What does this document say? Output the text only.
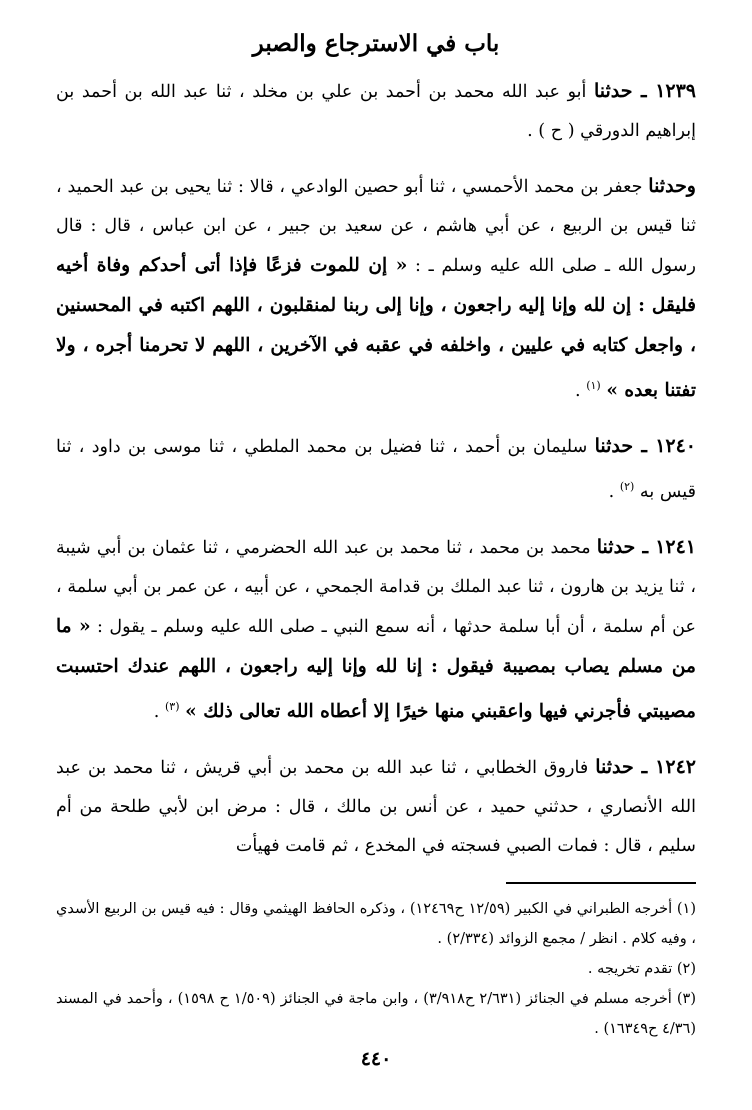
باب في الاسترجاع والصبر

١٢٣٩ ـ حدثنا أبو عبد الله محمد بن أحمد بن علي بن مخلد ، ثنا عبد الله بن أحمد بن إبراهيم الدورقي ( ح ) .

وحدثنا جعفر بن محمد الأحمسي ، ثنا أبو حصين الوادعي ، قالا : ثنا يحيى بن عبد الحميد ، ثنا قيس بن الربيع ، عن أبي هاشم ، عن سعيد بن جبير ، عن ابن عباس ، قال : قال رسول الله ـ صلى الله عليه وسلم ـ : « إن للموت فزعًا فإذا أتى أحدكم وفاة أخيه فليقل : إن لله وإنا إليه راجعون ، وإنا إلى ربنا لمنقلبون ، اللهم اكتبه في المحسنين ، واجعل كتابه في عليين ، واخلفه في عقبه في الآخرين ، اللهم لا تحرمنا أجره ، ولا تفتنا بعده » $^{(١)}$ .

١٢٤٠ ـ حدثنا سليمان بن أحمد ، ثنا فضيل بن محمد الملطي ، ثنا موسى بن داود ، ثنا قيس به $^{(٢)}$ .

١٢٤١ ـ حدثنا محمد بن محمد ، ثنا محمد بن عبد الله الحضرمي ، ثنا عثمان بن أبي شيبة ، ثنا يزيد بن هارون ، ثنا عبد الملك بن قدامة الجمحي ، عن أبيه ، عن عمر بن أبي سلمة ، عن أم سلمة ، أن أبا سلمة حدثها ، أنه سمع النبي ـ صلى الله عليه وسلم ـ يقول : « ما من مسلم يصاب بمصيبة فيقول : إنا لله وإنا إليه راجعون ، اللهم عندك احتسبت مصيبتي فأجرني فيها واعقبني منها خيرًا إلا أعطاه الله تعالى ذلك » $^{(٣)}$ .

١٢٤٢ ـ حدثنا فاروق الخطابي ، ثنا عبد الله بن محمد بن أبي قريش ، ثنا محمد بن عبد الله الأنصاري ، حدثني حميد ، عن أنس بن مالك ، قال : مرض ابن لأبي طلحة من أم سليم ، قال : فمات الصبي فسجته في المخدع ، ثم قامت فهيأت

(١) أخرجه الطبراني في الكبير (١٢/٥٩ ح١٢٤٦٩) ، وذكره الحافظ الهيثمي وقال : فيه قيس بن الربيع الأسدي ، وفيه كلام . انظر / مجمع الزوائد (٢/٣٣٤) .

(٢) تقدم تخريجه .

(٣) أخرجه مسلم في الجنائز (٢/٦٣١ ح٣/٩١٨) ، وابن ماجة في الجنائز (١/٥٠٩ ح ١٥٩٨) ، وأحمد في المسند (٤/٣٦ ح١٦٣٤٩) .

٤٤٠
